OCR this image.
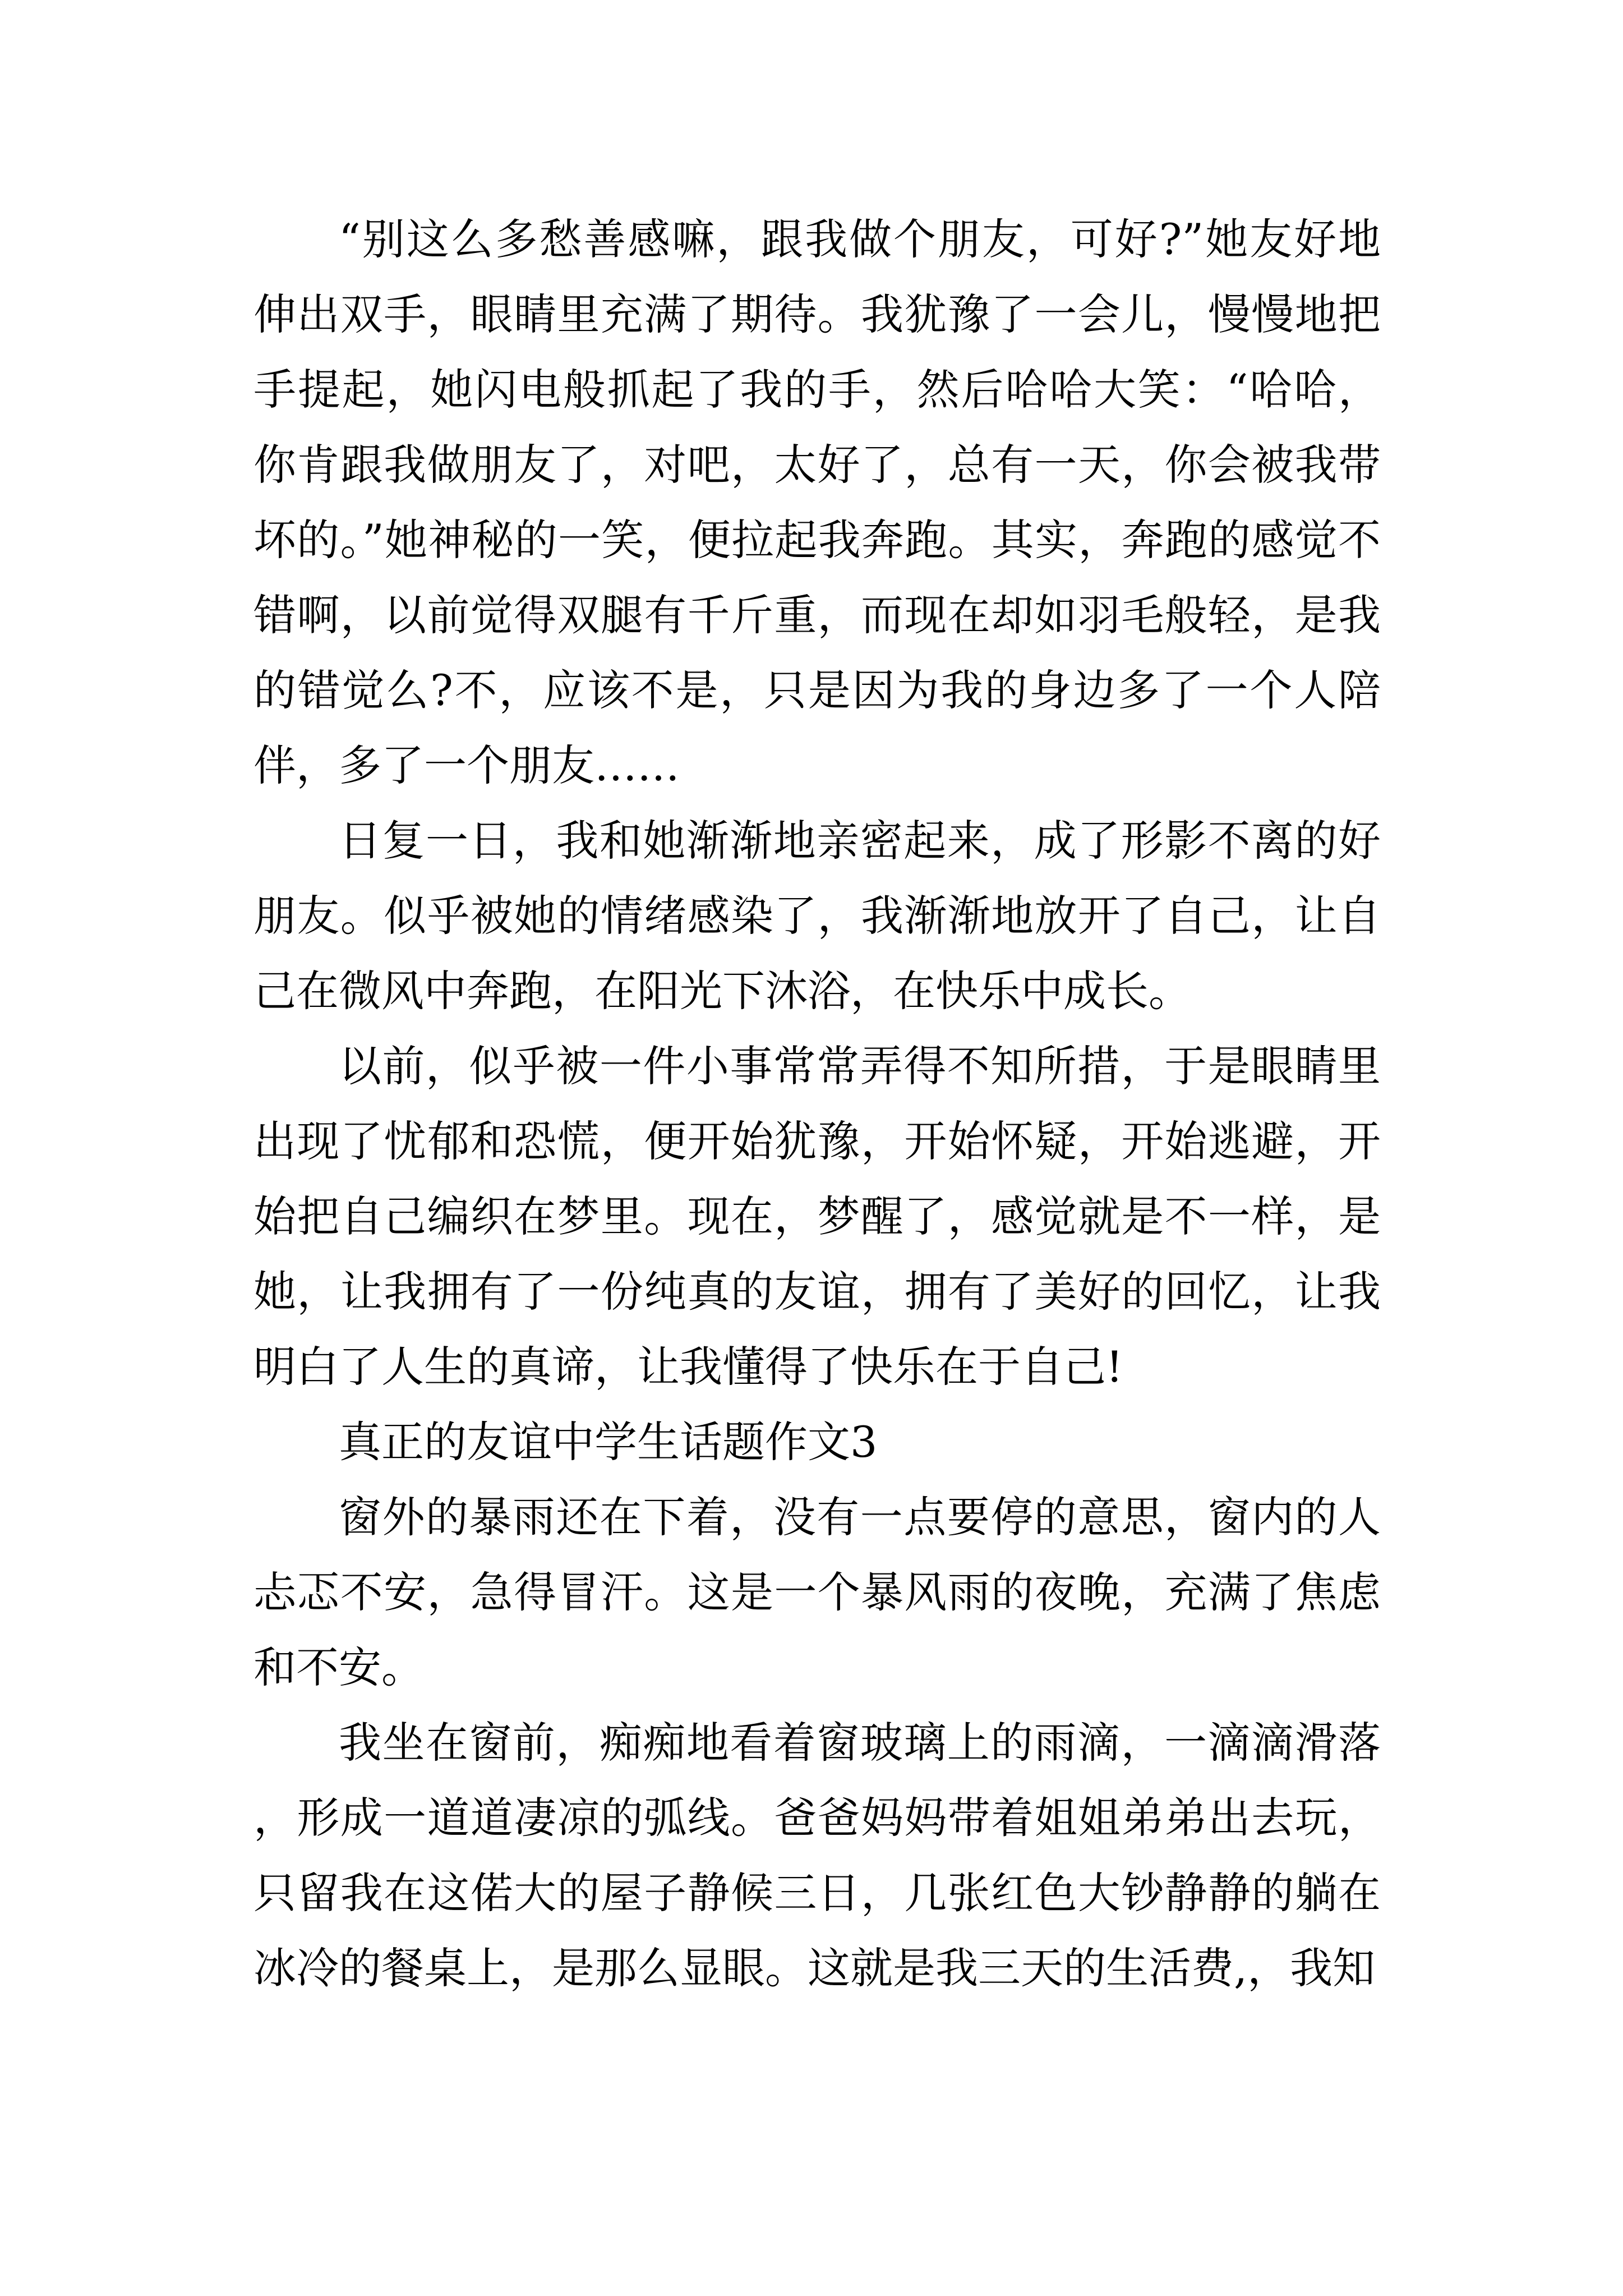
“别这么多愁善感嘛，跟我做个朋友，可好?”她友好地伸出双手，眼睛里充满了期待。我犹豫了一会儿，慢慢地把手提起，她闪电般抓起了我的手，然后哈哈大笑：“哈哈，你肯跟我做朋友了，对吧，太好了，总有一天，你会被我带坏的。”她神秘的一笑，便拉起我奔跑。其实，奔跑的感觉不错啊，以前觉得双腿有千斤重，而现在却如羽毛般轻，是我的错觉么?不，应该不是，只是因为我的身边多了一个人陪伴，多了一个朋友……

日复一日，我和她渐渐地亲密起来，成了形影不离的好朋友。似乎被她的情绪感染了，我渐渐地放开了自己，让自己在微风中奔跑，在阳光下沐浴，在快乐中成长。

以前，似乎被一件小事常常弄得不知所措，于是眼睛里出现了忧郁和恐慌，便开始犹豫，开始怀疑，开始逃避，开始把自己编织在梦里。现在，梦醒了，感觉就是不一样，是她，让我拥有了一份纯真的友谊，拥有了美好的回忆，让我明白了人生的真谛，让我懂得了快乐在于自己!

真正的友谊中学生话题作文3

窗外的暴雨还在下着，没有一点要停的意思，窗内的人忐忑不安，急得冒汗。这是一个暴风雨的夜晚，充满了焦虑和不安。

我坐在窗前，痴痴地看着窗玻璃上的雨滴，一滴滴滑落，形成一道道凄凉的弧线。爸爸妈妈带着姐姐弟弟出去玩，只留我在这偌大的屋子静候三日，几张红色大钞静静的躺在冰冷的餐桌上，是那么显眼。这就是我三天的生活费,，我知
